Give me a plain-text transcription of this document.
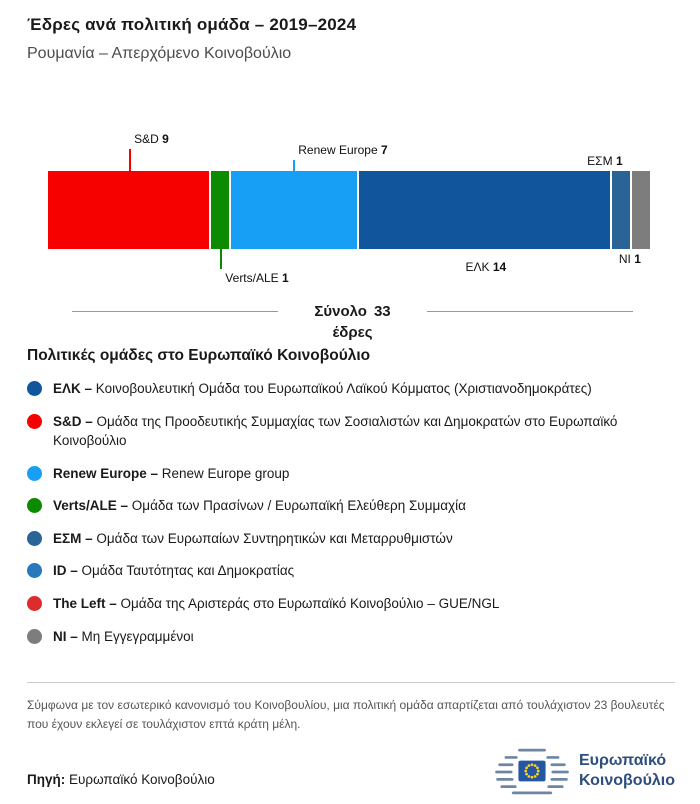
Έδρες ανά πολιτική ομάδα – 2019–2024
Ρουμανία – Απερχόμενο Κοινοβούλιο
S&D 9
Verts/ALE 1
Renew Europe 7
ΕΛΚ 14
ΕΣΜ 1
NI 1
Σύνολο 33
έδρες
Πολιτικές ομάδες στο Ευρωπαϊκό Κοινοβούλιο
ΕΛΚ – Κοινοβουλευτική Ομάδα του Ευρωπαϊκού Λαϊκού Κόμματος (Χριστιανοδημοκράτες)
S&D – Ομάδα της Προοδευτικής Συμμαχίας των Σοσιαλιστών και Δημοκρατών στο Ευρωπαϊκό Κοινοβούλιο
Renew Europe – Renew Europe group
Verts/ALE – Ομάδα των Πρασίνων / Ευρωπαϊκή Ελεύθερη Συμμαχία
ΕΣΜ – Ομάδα των Ευρωπαίων Συντηρητικών και Μεταρρυθμιστών
ID – Ομάδα Ταυτότητας και Δημοκρατίας
The Left – Ομάδα της Αριστεράς στο Ευρωπαϊκό Κοινοβούλιο – GUE/NGL
NI – Μη Εγγεγραμμένοι
Σύμφωνα με τον εσωτερικό κανονισμό του Κοινοβουλίου, μια πολιτική ομάδα απαρτίζεται από τουλάχιστον 23 βουλευτές που έχουν εκλεγεί σε τουλάχιστον επτά κράτη μέλη.
Πηγή: Ευρωπαϊκό Κοινοβούλιο
Ευρωπαϊκό
Κοινοβούλιο
